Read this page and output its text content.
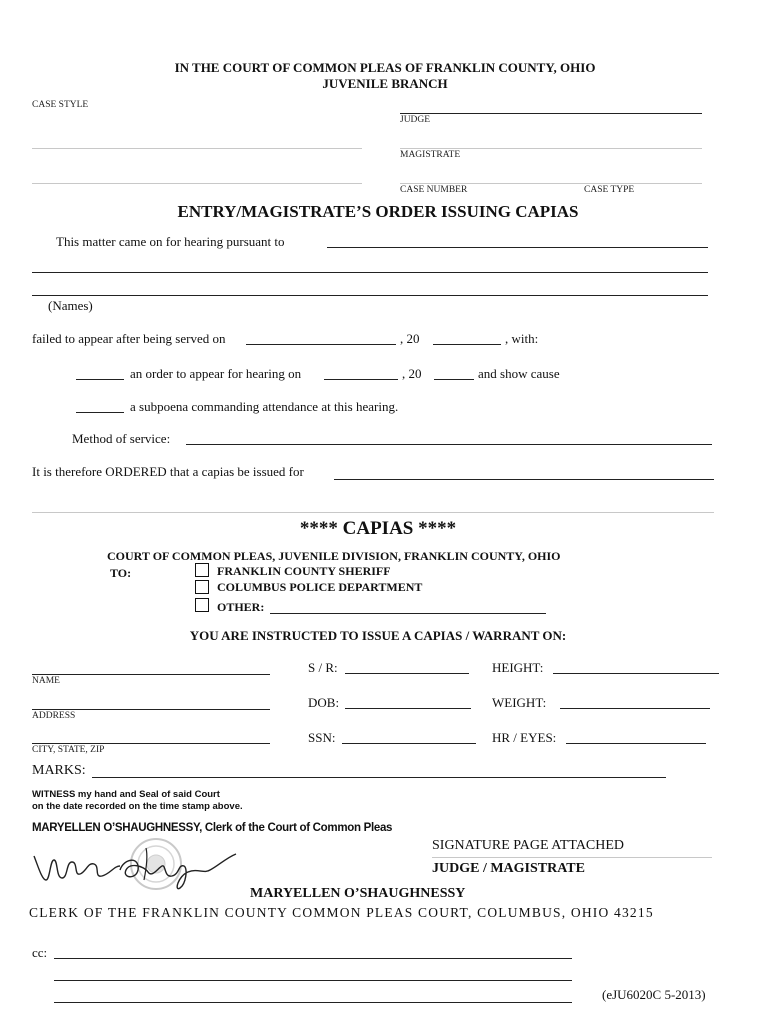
IN THE COURT OF COMMON PLEAS OF FRANKLIN COUNTY, OHIO
JUVENILE BRANCH
CASE STYLE
JUDGE
MAGISTRATE
CASE NUMBER	CASE TYPE
ENTRY/MAGISTRATE’S ORDER ISSUING CAPIAS
This matter came on for hearing pursuant to
(Names)
failed to appear after being served on	, 20	, with:
an order to appear for hearing on	, 20	and show cause
a subpoena commanding attendance at this hearing.
Method of service:
It is therefore ORDERED that a capias be issued for
**** CAPIAS ****
COURT OF COMMON PLEAS, JUVENILE DIVISION, FRANKLIN COUNTY, OHIO
TO:	FRANKLIN COUNTY SHERIFF
COLUMBUS POLICE DEPARTMENT
OTHER:
YOU ARE INSTRUCTED TO ISSUE A CAPIAS / WARRANT ON:
NAME
ADDRESS
CITY, STATE, ZIP
S / R:	HEIGHT:
DOB:	WEIGHT:
SSN:	HR / EYES:
MARKS:
WITNESS my hand and Seal of said Court
on the date recorded on the time stamp above.
MARYELLEN O’SHAUGHNESSY, Clerk of the Court of Common Pleas
SIGNATURE PAGE ATTACHED
JUDGE / MAGISTRATE
MARYELLEN O’SHAUGHNESSY
CLERK OF THE FRANKLIN COUNTY COMMON PLEAS COURT, COLUMBUS, OHIO 43215
cc:
(eJU6020C 5-2013)
